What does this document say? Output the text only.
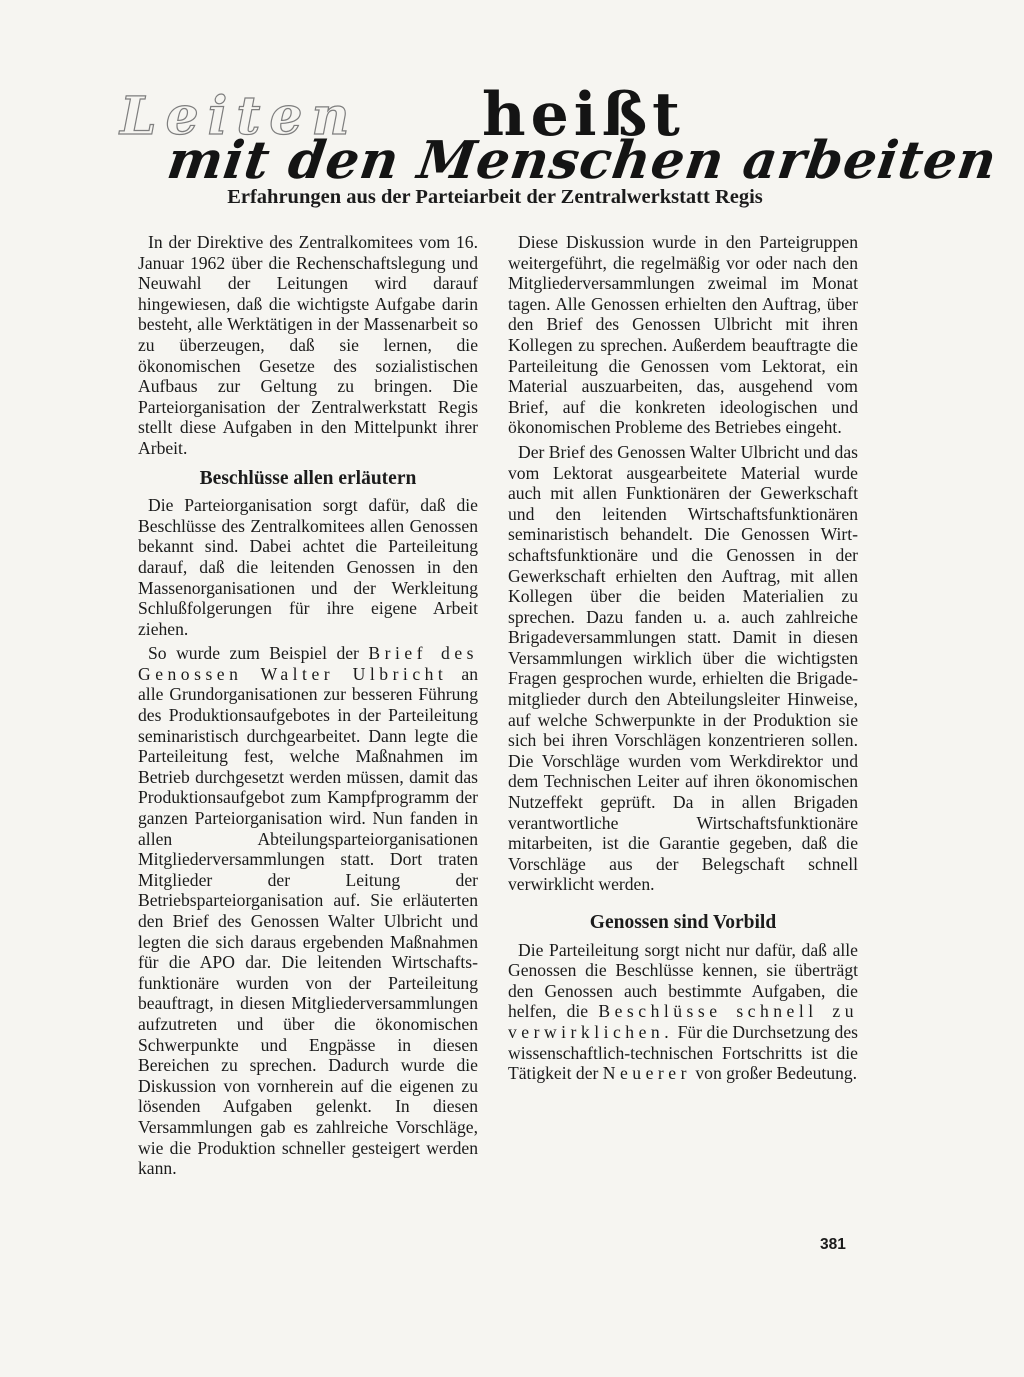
Leiten heißt
mit den Menschen arbeiten
Erfahrungen aus der Parteiarbeit der Zentralwerkstatt Regis

In der Direktive des Zentralkomitees vom 16. Januar 1962 über die Rechenschaftslegung und Neuwahl der Leitungen wird darauf hingewiesen, daß die wichtigste Aufgabe darin besteht, alle Werktätigen in der Massenarbeit so zu überzeugen, daß sie lernen, die ökonomischen Gesetze des sozialistischen Aufbaus zur Geltung zu bringen. Die Parteiorganisation der Zentralwerkstatt Regis stellt diese Aufgaben in den Mittelpunkt ihrer Arbeit.

Beschlüsse allen erläutern

Die Parteiorganisation sorgt dafür, daß die Beschlüsse des Zentralkomitees allen Genossen bekannt sind. Dabei achtet die Parteileitung darauf, daß die leitenden Genossen in den Massenorganisationen und der Werkleitung Schlußfolgerungen für ihre eigene Arbeit ziehen.

So wurde zum Beispiel der Brief des Genossen Walter Ulbricht an alle Grundorganisationen zur besseren Führung des Produktionsaufgebotes in der Parteileitung seminaristisch durchgearbeitet. Dann legte die Parteileitung fest, welche Maßnahmen im Betrieb durchgesetzt werden müssen, damit das Produktionsaufgebot zum Kampfprogramm der ganzen Parteiorganisation wird. Nun fanden in allen Abteilungsparteiorganisationen Mitgliederversammlungen statt. Dort traten Mitglieder der Leitung der Betriebsparteiorganisation auf. Sie erläuterten den Brief des Genossen Walter Ulbricht und legten die sich daraus ergebenden Maßnahmen für die APO dar. Die leitenden Wirtschaftsfunktionäre wurden von der Parteileitung beauftragt, in diesen Mitgliederversammlungen aufzutreten und über die ökonomischen Schwerpunkte und Engpässe in diesen Bereichen zu sprechen. Dadurch wurde die Diskussion von vornherein auf die eigenen zu lösenden Aufgaben gelenkt. In diesen Versammlungen gab es zahlreiche Vorschläge, wie die Produktion schneller gesteigert werden kann.

Diese Diskussion wurde in den Parteigruppen weitergeführt, die regelmäßig vor oder nach den Mitgliederversammlungen zweimal im Monat tagen. Alle Genossen erhielten den Auftrag, über den Brief des Genossen Ulbricht mit ihren Kollegen zu sprechen. Außerdem beauftragte die Parteileitung die Genossen vom Lektorat, ein Material auszuarbeiten, das, ausgehend vom Brief, auf die konkreten ideologischen und ökonomischen Probleme des Betriebes eingeht.

Der Brief des Genossen Walter Ulbricht und das vom Lektorat ausgearbeitete Material wurde auch mit allen Funktionären der Gewerkschaft und den leitenden Wirtschaftsfunktionären seminaristisch behandelt. Die Genossen Wirtschaftsfunktionäre und die Genossen in der Gewerkschaft erhielten den Auftrag, mit allen Kollegen über die beiden Materialien zu sprechen. Dazu fanden u. a. auch zahlreiche Brigadeversammlungen statt. Damit in diesen Versammlungen wirklich über die wichtigsten Fragen gesprochen wurde, erhielten die Brigademitglieder durch den Abteilungsleiter Hinweise, auf welche Schwerpunkte in der Produktion sie sich bei ihren Vorschlägen konzentrieren sollen. Die Vorschläge wurden vom Werkdirektor und dem Technischen Leiter auf ihren ökonomischen Nutzeffekt geprüft. Da in allen Brigaden verantwortliche Wirtschaftsfunktionäre mitarbeiten, ist die Garantie gegeben, daß die Vorschläge aus der Belegschaft schnell verwirklicht werden.

Genossen sind Vorbild

Die Parteileitung sorgt nicht nur dafür, daß alle Genossen die Beschlüsse kennen, sie überträgt den Genossen auch bestimmte Aufgaben, die helfen, die Beschlüsse schnell zu verwirklichen. Für die Durchsetzung des wissenschaftlich-technischen Fortschritts ist die Tätigkeit der Neuerer von großer Bedeutung.

381
